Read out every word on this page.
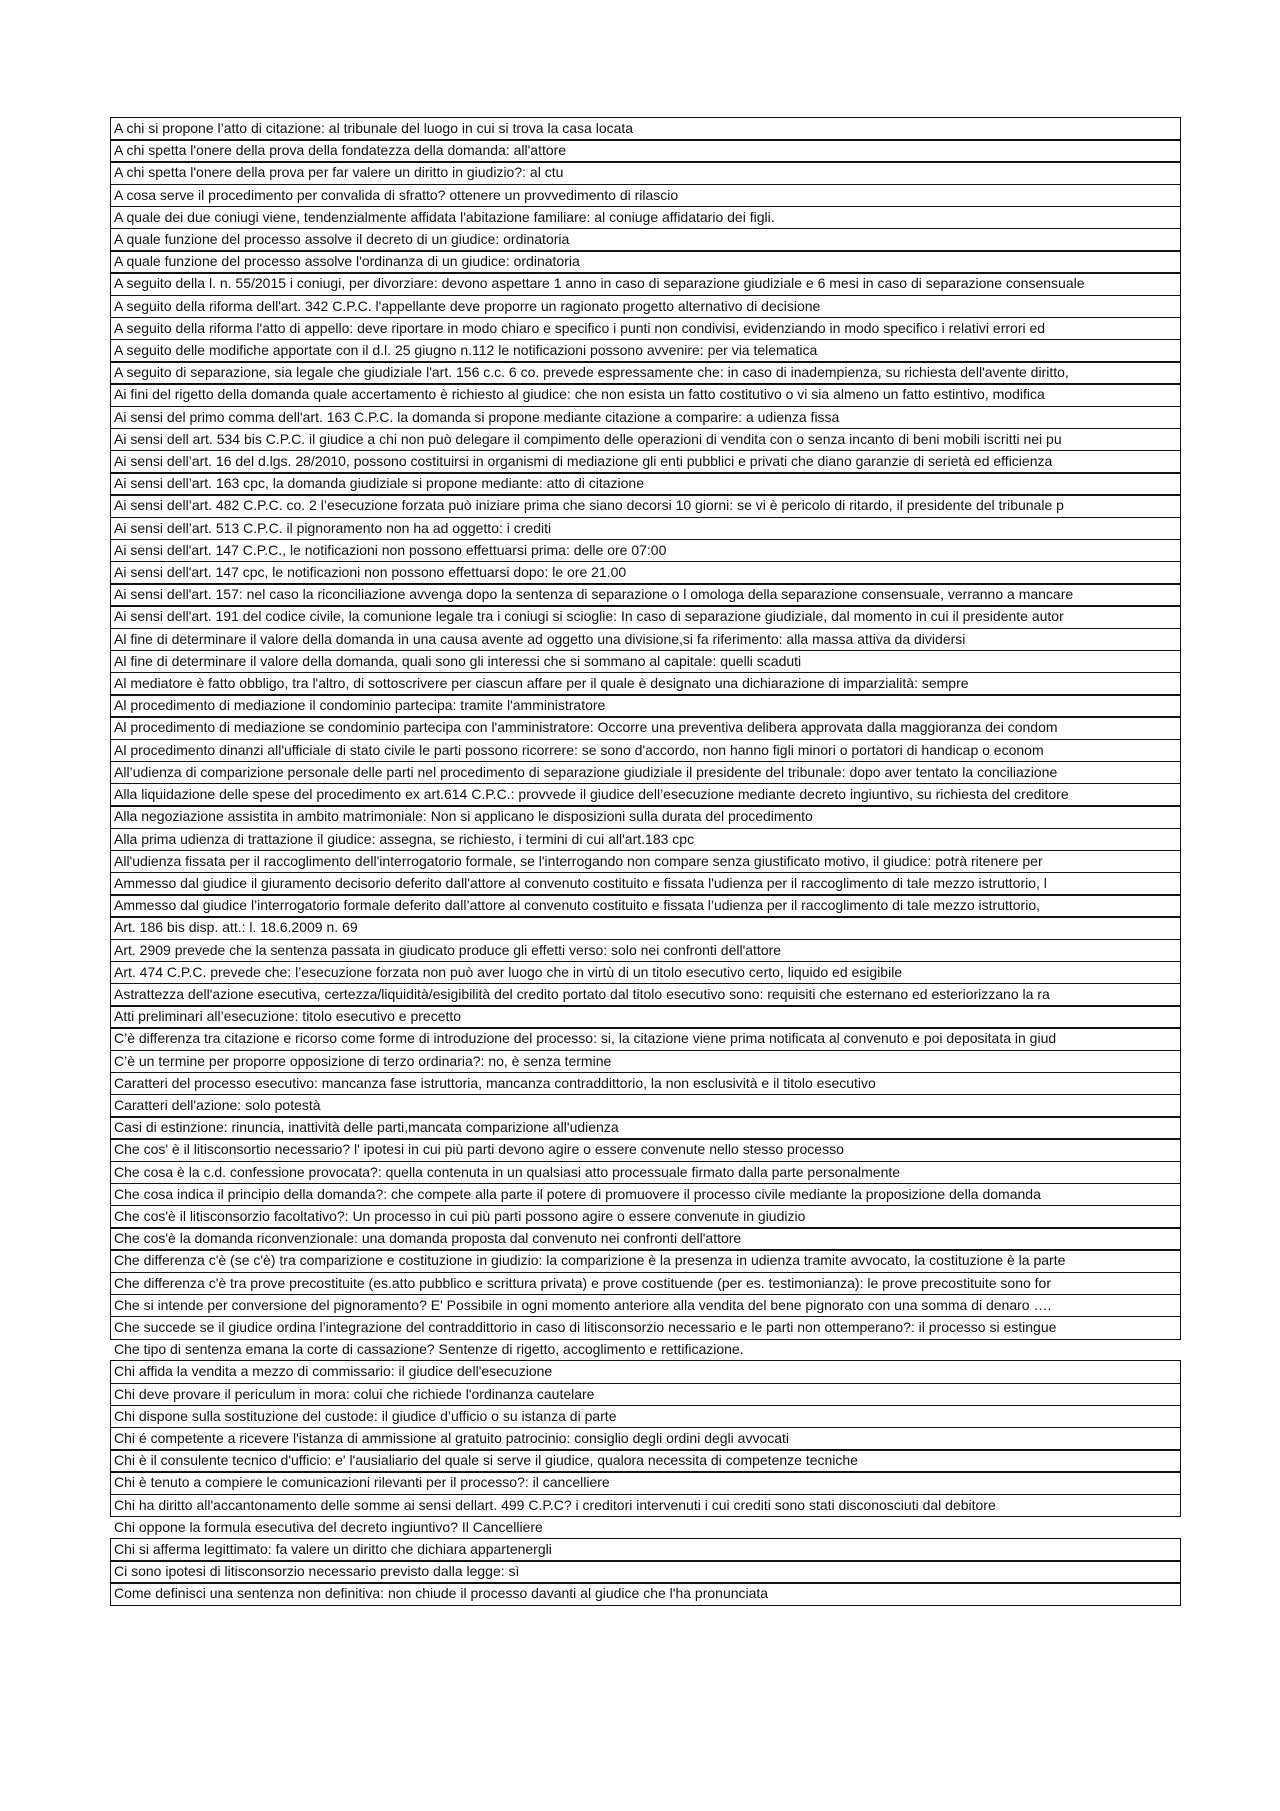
A chi si propone l’atto di citazione: al tribunale del luogo in cui si trova la casa locata
A chi spetta l'onere della prova della fondatezza della domanda: all'attore
A chi spetta l'onere della prova per far valere un diritto in giudizio?: al ctu
A cosa serve il procedimento per convalida di sfratto? ottenere un provvedimento di rilascio
A quale dei due coniugi viene, tendenzialmente affidata l'abitazione familiare: al coniuge affidatario dei figli.
A quale funzione del processo assolve il decreto di un giudice: ordinatoria
A quale funzione del processo assolve l'ordinanza di un giudice: ordinatoria
A seguito della l. n. 55/2015 i coniugi, per divorziare: devono aspettare 1 anno in caso di separazione giudiziale e 6 mesi in caso di separazione consensuale
A seguito della riforma dell'art. 342 C.P.C. l'appellante deve proporre un ragionato progetto alternativo di decisione
A seguito della riforma l'atto di appello: deve riportare in modo chiaro e specifico i punti non condivisi, evidenziando in modo specifico i relativi errori ed
A seguito delle modifiche apportate con il d.l. 25 giugno n.112 le notificazioni possono avvenire: per via telematica
A seguito di separazione, sia legale che giudiziale l'art. 156 c.c. 6 co. prevede espressamente che: in caso di inadempienza, su richiesta dell'avente diritto,
Ai fini del rigetto della domanda quale accertamento è richiesto al giudice: che non esista un fatto costitutivo o vi sia almeno un fatto estintivo, modifica
Ai sensi del primo comma dell'art. 163 C.P.C. la domanda si propone mediante citazione a comparire: a udienza fissa
Ai sensi dell art. 534 bis C.P.C. il giudice a chi non può delegare il compimento delle operazioni di vendita con o senza incanto di beni mobili iscritti nei pu
Ai sensi dell’art. 16 del d.lgs. 28/2010, possono costituirsi in organismi di mediazione gli enti pubblici e privati che diano garanzie di serietà ed efficienza
Ai sensi dell’art. 163 cpc, la domanda giudiziale si propone mediante: atto di citazione
Ai sensi dell’art. 482 C.P.C. co. 2 l’esecuzione forzata può iniziare prima che siano decorsi 10 giorni: se vi è pericolo di ritardo, il presidente del tribunale p
Ai sensi dell’art. 513 C.P.C. il pignoramento non ha ad oggetto: i crediti
Ai sensi dell'art. 147 C.P.C., le notificazioni non possono effettuarsi prima: delle ore 07:00
Ai sensi dell'art. 147 cpc, le notificazioni non possono effettuarsi dopo: le ore 21.00
Ai sensi dell'art. 157: nel caso la riconciliazione avvenga dopo la sentenza di separazione o l omologa della separazione consensuale, verranno a mancare
Ai sensi dell'art. 191 del codice civile, la comunione legale tra i coniugi si scioglie: In caso di separazione giudiziale, dal momento in cui il presidente autor
Al fine di determinare il valore della domanda in una causa avente ad oggetto una divisione,si fa riferimento: alla massa attiva da dividersi
Al fine di determinare il valore della domanda, quali sono gli interessi che si sommano al capitale: quelli scaduti
Al mediatore è fatto obbligo, tra l'altro, di sottoscrivere per ciascun affare per il quale è designato una dichiarazione di imparzialità: sempre
Al procedimento di mediazione il condominio partecipa: tramite l'amministratore
Al procedimento di mediazione se condominio partecipa con l'amministratore: Occorre una preventiva delibera approvata dalla maggioranza dei condom
Al procedimento dinanzi all'ufficiale di stato civile le parti possono ricorrere: se sono d'accordo, non hanno figli minori o portatori di handicap o econom
All’udienza di comparizione personale delle parti nel procedimento di separazione giudiziale il presidente del tribunale: dopo aver tentato la conciliazione
Alla liquidazione delle spese del procedimento ex art.614 C.P.C.: provvede il giudice dell’esecuzione mediante decreto ingiuntivo, su richiesta del creditore
Alla negoziazione assistita in ambito matrimoniale: Non si applicano le disposizioni sulla durata del procedimento
Alla prima udienza di trattazione il giudice: assegna, se richiesto, i termini di cui all'art.183 cpc
All'udienza fissata per il raccoglimento dell'interrogatorio formale, se l'interrogando non compare senza giustificato motivo, il giudice: potrà ritenere per
Ammesso dal giudice il giuramento decisorio deferito dall'attore al convenuto costituito e fissata l'udienza per il raccoglimento di tale mezzo istruttorio, l
Ammesso dal giudice l’interrogatorio formale deferito dall’attore al convenuto costituito e fissata l’udienza per il raccoglimento di tale mezzo istruttorio,
Art. 186 bis disp. att.: l. 18.6.2009 n. 69
Art. 2909 prevede che la sentenza passata in giudicato produce gli effetti verso: solo nei confronti dell'attore
Art. 474 C.P.C. prevede che: l’esecuzione forzata non può aver luogo che in virtù di un titolo esecutivo certo, liquido ed esigibile
Astrattezza dell'azione esecutiva, certezza/liquidità/esigibilità del credito portato dal titolo esecutivo sono: requisiti che esternano ed esteriorizzano la ra
Atti preliminari all’esecuzione: titolo esecutivo e precetto
C’è differenza tra citazione e ricorso come forme di introduzione del processo: si, la citazione viene prima notificata al convenuto e poi depositata in giud
C’è un termine per proporre opposizione di terzo ordinaria?: no, è senza termine
Caratteri del processo esecutivo: mancanza fase istruttoria, mancanza contraddittorio, la non esclusività e il titolo esecutivo
Caratteri dell'azione: solo potestà
Casi di estinzione: rinuncia, inattività delle parti,mancata comparizione all'udienza
Che cos' è il litisconsortio necessario? l' ipotesi in cui più parti devono agire o essere convenute nello stesso processo
Che cosa è la c.d. confessione provocata?: quella contenuta in un qualsiasi atto processuale firmato dalla parte personalmente
Che cosa indica il principio della domanda?: che compete alla parte il potere di promuovere il processo civile mediante la proposizione della domanda
Che cos'è il litisconsorzio facoltativo?: Un processo in cui più parti possono agire o essere convenute in giudizio
Che cos'è la domanda riconvenzionale: una domanda proposta dal convenuto nei confronti dell'attore
Che differenza c'è (se c'è) tra comparizione e costituzione in giudizio: la comparizione è la presenza in udienza tramite avvocato, la costituzione è la parte
Che differenza c'è tra prove precostituite (es.atto pubblico e scrittura privata) e prove costituende (per es. testimonianza): le prove precostituite sono for
Che si intende per conversione del pignoramento? E' Possibile in ogni momento anteriore alla vendita del bene pignorato con una somma di denaro ….
Che succede se il giudice ordina l’integrazione del contraddittorio in caso di litisconsorzio necessario e le parti non ottemperano?: il processo si estingue
Che tipo di sentenza emana la corte di cassazione? Sentenze di rigetto, accoglimento e rettificazione.
Chi affida la vendita a mezzo di commissario: il giudice dell'esecuzione
Chi deve provare il periculum in mora: colui che richiede l'ordinanza cautelare
Chi dispone sulla sostituzione del custode: il giudice d’ufficio o su istanza di parte
Chi é competente a ricevere l'istanza di ammissione al gratuito patrocinio: consiglio degli ordini degli avvocati
Chi è il consulente tecnico d'ufficio: e' l'ausialiario del quale si serve il giudice, qualora necessita di competenze tecniche
Chi è tenuto a compiere le comunicazioni rilevanti per il processo?: il cancelliere
Chi ha diritto all'accantonamento delle somme ai sensi dellart. 499 C.P.C? i creditori intervenuti i cui crediti sono stati disconosciuti dal debitore
Chi oppone la formula esecutiva del decreto ingiuntivo? Il Cancelliere
Chi si afferma legittimato: fa valere un diritto che dichiara appartenergli
Ci sono ipotesi di litisconsorzio necessario previsto dalla legge: sì
Come definisci una sentenza non definitiva: non chiude il processo davanti al giudice che l'ha pronunciata
